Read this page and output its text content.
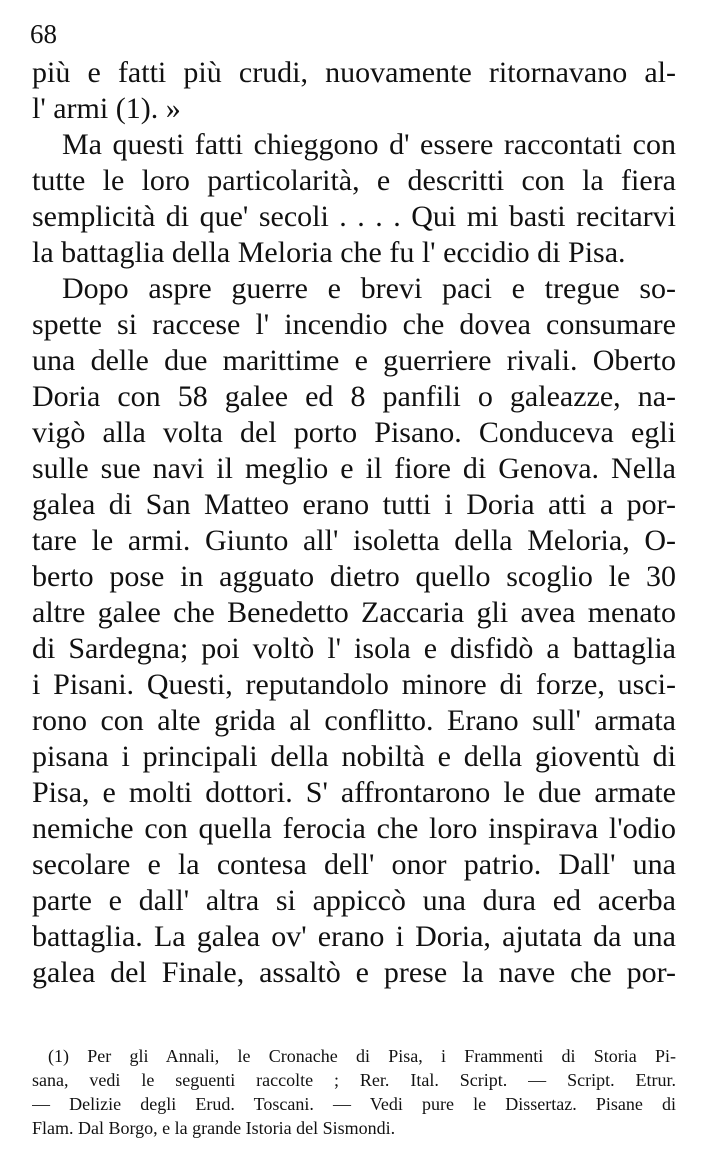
68
più e fatti più crudi, nuovamente ritornavano al-
l' armi (1). »
Ma questi fatti chieggono d' essere raccontati con
tutte le loro particolarità, e descritti con la fiera
semplicità di que' secoli . . . . Qui mi basti recitarvi
la battaglia della Meloria che fu l' eccidio di Pisa.
Dopo aspre guerre e brevi paci e tregue so-
spette si raccese l' incendio che dovea consumare
una delle due marittime e guerriere rivali. Oberto
Doria con 58 galee ed 8 panfili o galeazze, na-
vigò alla volta del porto Pisano. Conduceva egli
sulle sue navi il meglio e il fiore di Genova. Nella
galea di San Matteo erano tutti i Doria atti a por-
tare le armi. Giunto all' isoletta della Meloria, O-
berto pose in agguato dietro quello scoglio le 30
altre galee che Benedetto Zaccaria gli avea menato
di Sardegna; poi voltò l' isola e disfidò a battaglia
i Pisani. Questi, reputandolo minore di forze, usci-
rono con alte grida al conflitto. Erano sull' armata
pisana i principali della nobiltà e della gioventù di
Pisa, e molti dottori. S' affrontarono le due armate
nemiche con quella ferocia che loro inspirava l'odio
secolare e la contesa dell' onor patrio. Dall' una
parte e dall' altra si appiccò una dura ed acerba
battaglia. La galea ov' erano i Doria, ajutata da una
galea del Finale, assaltò e prese la nave che por-
(1) Per gli Annali, le Cronache di Pisa, i Frammenti di Storia Pi-
sana, vedi le seguenti raccolte ; Rer. Ital. Script. — Script. Etrur.
— Delizie degli Erud. Toscani. — Vedi pure le Dissertaz. Pisane di
Flam. Dal Borgo, e la grande Istoria del Sismondi.
